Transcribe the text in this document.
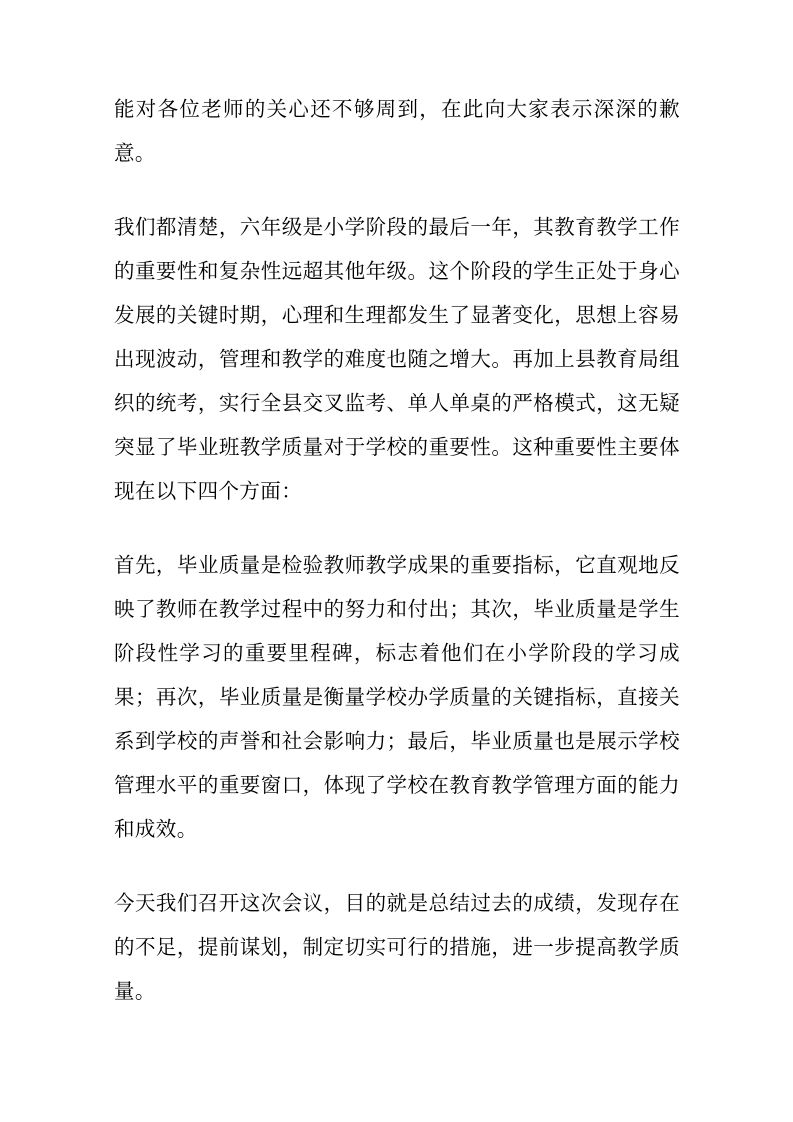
能对各位老师的关心还不够周到，在此向大家表示深深的歉意。

我们都清楚，六年级是小学阶段的最后一年，其教育教学工作的重要性和复杂性远超其他年级。这个阶段的学生正处于身心发展的关键时期，心理和生理都发生了显著变化，思想上容易出现波动，管理和教学的难度也随之增大。再加上县教育局组织的统考，实行全县交叉监考、单人单桌的严格模式，这无疑突显了毕业班教学质量对于学校的重要性。这种重要性主要体现在以下四个方面：

首先，毕业质量是检验教师教学成果的重要指标，它直观地反映了教师在教学过程中的努力和付出；其次，毕业质量是学生阶段性学习的重要里程碑，标志着他们在小学阶段的学习成果；再次，毕业质量是衡量学校办学质量的关键指标，直接关系到学校的声誉和社会影响力；最后，毕业质量也是展示学校管理水平的重要窗口，体现了学校在教育教学管理方面的能力和成效。

今天我们召开这次会议，目的就是总结过去的成绩，发现存在的不足，提前谋划，制定切实可行的措施，进一步提高教学质量。
